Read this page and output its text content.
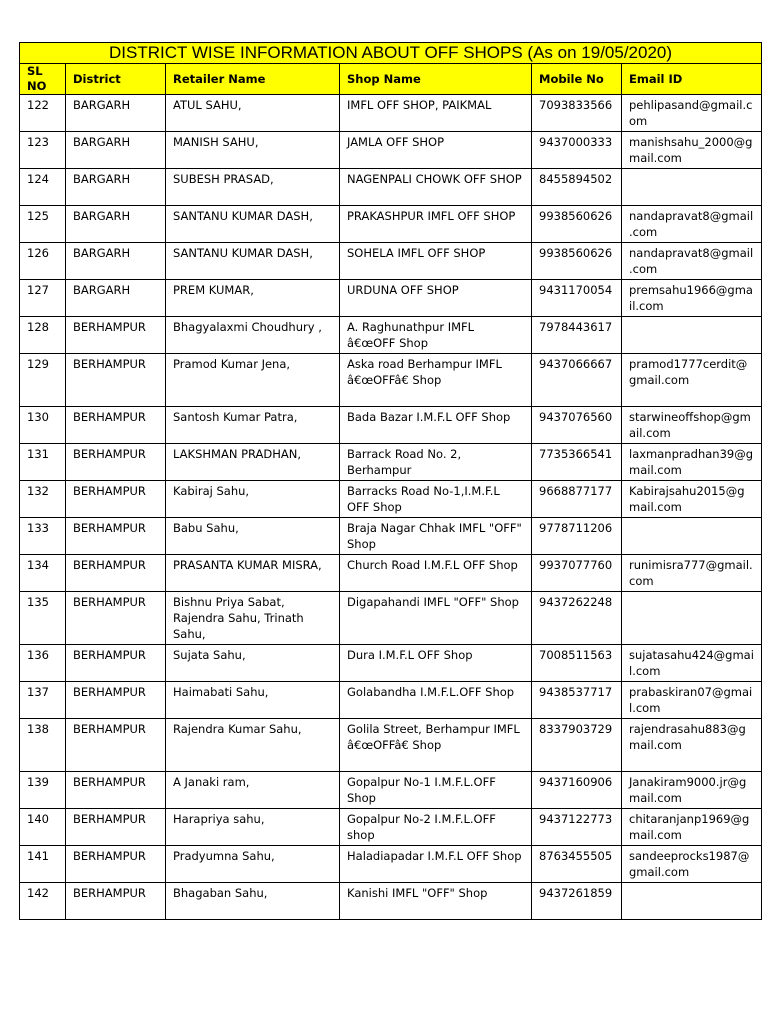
DISTRICT WISE INFORMATION ABOUT OFF SHOPS (As on 19/05/2020)					
SL NO	District	Retailer Name	Shop Name	Mobile No	Email ID
122	BARGARH	ATUL SAHU,	IMFL OFF SHOP, PAIKMAL	7093833566	pehlipasand@gmail.com
123	BARGARH	MANISH SAHU,	JAMLA OFF SHOP	9437000333	manishsahu_2000@gmail.com
124	BARGARH	SUBESH PRASAD,	NAGENPALI CHOWK OFF SHOP	8455894502	
125	BARGARH	SANTANU KUMAR DASH,	PRAKASHPUR IMFL OFF SHOP	9938560626	nandapravat8@gmail.com
126	BARGARH	SANTANU KUMAR DASH,	SOHELA IMFL OFF SHOP	9938560626	nandapravat8@gmail.com
127	BARGARH	PREM KUMAR,	URDUNA OFF SHOP	9431170054	premsahu1966@gmail.com
128	BERHAMPUR	Bhagyalaxmi Choudhury ,	A. Raghunathpur IMFL â€œOFF Shop	7978443617	
129	BERHAMPUR	Pramod Kumar Jena,	Aska road Berhampur IMFL â€œOFFâ€ Shop	9437066667	pramod1777cerdit@gmail.com
130	BERHAMPUR	Santosh Kumar Patra,	Bada Bazar I.M.F.L OFF Shop	9437076560	starwineoffshop@gmail.com
131	BERHAMPUR	LAKSHMAN PRADHAN,	Barrack Road No. 2, Berhampur	7735366541	laxmanpradhan39@gmail.com
132	BERHAMPUR	Kabiraj Sahu,	Barracks Road No-1,I.M.F.L OFF Shop	9668877177	Kabirajsahu2015@gmail.com
133	BERHAMPUR	Babu Sahu,	Braja Nagar Chhak IMFL "OFF" Shop	9778711206	
134	BERHAMPUR	PRASANTA KUMAR MISRA,	Church Road I.M.F.L OFF Shop	9937077760	runimisra777@gmail.com
135	BERHAMPUR	Bishnu Priya Sabat, Rajendra Sahu, Trinath Sahu,	Digapahandi IMFL "OFF" Shop	9437262248	
136	BERHAMPUR	Sujata Sahu,	Dura I.M.F.L OFF Shop	7008511563	sujatasahu424@gmail.com
137	BERHAMPUR	Haimabati Sahu,	Golabandha I.M.F.L.OFF Shop	9438537717	prabaskiran07@gmail.com
138	BERHAMPUR	Rajendra Kumar Sahu,	Golila Street, Berhampur IMFL â€œOFFâ€ Shop	8337903729	rajendrasahu883@gmail.com
139	BERHAMPUR	A Janaki ram,	Gopalpur No-1 I.M.F.L.OFF Shop	9437160906	Janakiram9000.jr@gmail.com
140	BERHAMPUR	Harapriya sahu,	Gopalpur No-2 I.M.F.L.OFF shop	9437122773	chitaranjanp1969@gmail.com
141	BERHAMPUR	Pradyumna Sahu,	Haladiapadar I.M.F.L OFF Shop	8763455505	sandeeprocks1987@gmail.com
142	BERHAMPUR	Bhagaban Sahu,	Kanishi IMFL "OFF" Shop	9437261859	
